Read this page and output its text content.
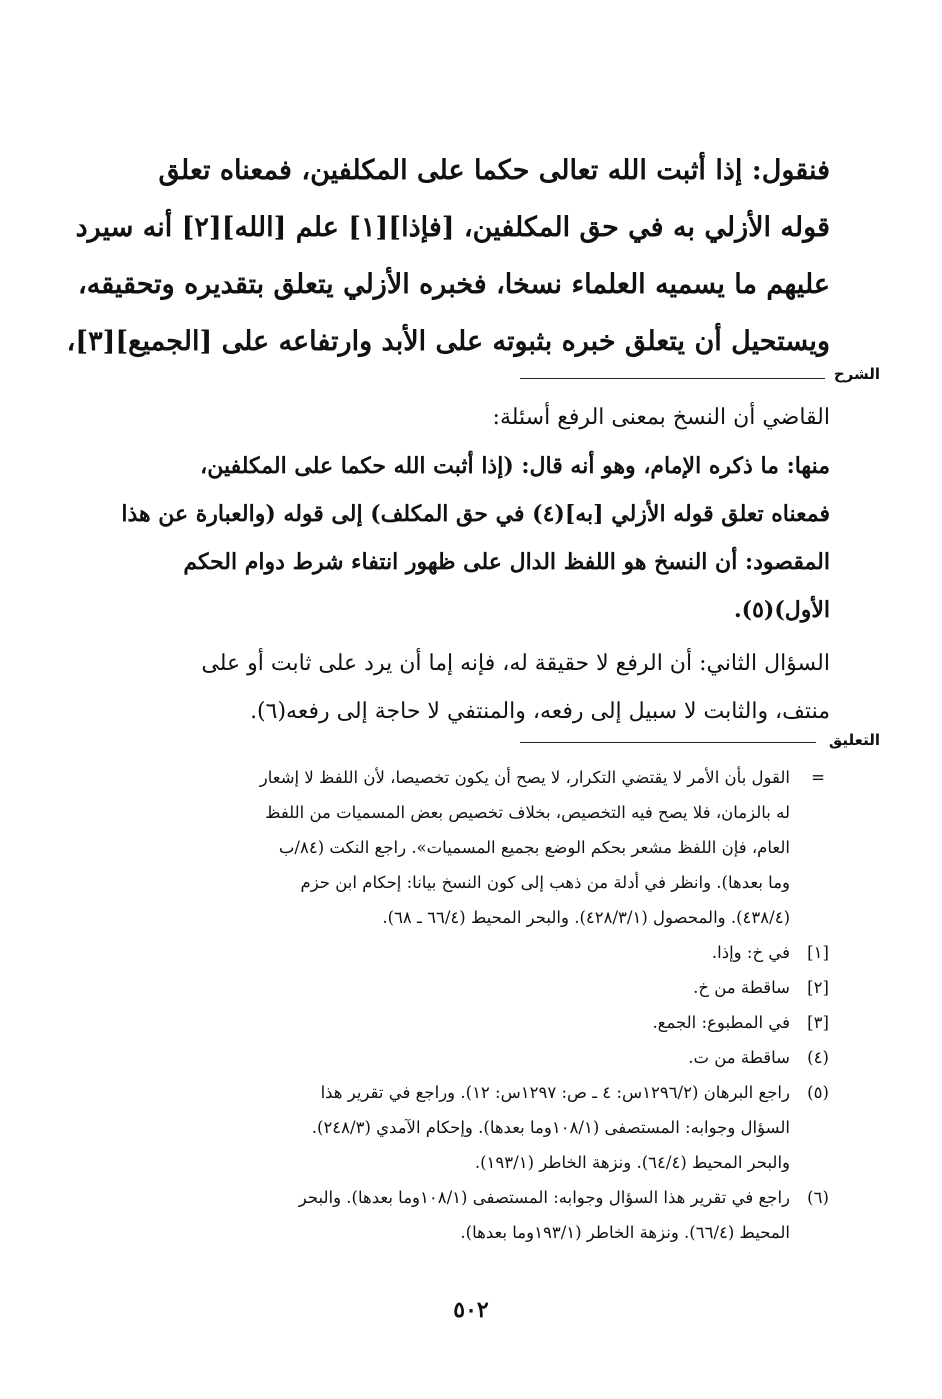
فنقول: إذا أثبت الله تعالى حكما على المكلفين، فمعناه تعلق
قوله الأزلي به في حق المكلفين، [فإذا][١] علم [الله][٢] أنه سيرد
عليهم ما يسميه العلماء نسخا، فخبره الأزلي يتعلق بتقديره وتحقيقه،
ويستحيل أن يتعلق خبره بثبوته على الأبد وارتفاعه على [الجميع][٣]،
الشرح
القاضي أن النسخ بمعنى الرفع أسئلة:
منها: ما ذكره الإمام، وهو أنه قال: (إذا أثبت الله حكما على المكلفين،
فمعناه تعلق قوله الأزلي [به](٤) في حق المكلف) إلى قوله (والعبارة عن هذا
المقصود: أن النسخ هو اللفظ الدال على ظهور انتفاء شرط دوام الحكم
الأول)(٥).
السؤال الثاني: أن الرفع لا حقيقة له، فإنه إما أن يرد على ثابت أو على
منتف، والثابت لا سبيل إلى رفعه، والمنتفي لا حاجة إلى رفعه(٦).
التعليق
=
القول بأن الأمر لا يقتضي التكرار، لا يصح أن يكون تخصيصا، لأن اللفظ لا إشعار
له بالزمان، فلا يصح فيه التخصيص، بخلاف تخصيص بعض المسميات من اللفظ
العام، فإن اللفظ مشعر بحكم الوضع بجميع المسميات». راجع النكت (٨٤/ب
وما بعدها). وانظر في أدلة من ذهب إلى كون النسخ بيانا: إحكام ابن حزم
(٤٣٨/٤). والمحصول (٤٢٨/٣/١). والبحر المحيط (٦٦/٤ ـ ٦٨).
[١]
في خ: وإذا.
[٢]
ساقطة من خ.
[٣]
في المطبوع: الجمع.
(٤)
ساقطة من ت.
(٥)
راجع البرهان (١٢٩٦/٢س: ٤ ـ ص: ١٢٩٧س: ١٢). وراجع في تقرير هذا
السؤال وجوابه: المستصفى (١٠٨/١وما بعدها). وإحكام الآمدي (٢٤٨/٣).
والبحر المحيط (٦٤/٤). ونزهة الخاطر (١٩٣/١).
(٦)
راجع في تقرير هذا السؤال وجوابه: المستصفى (١٠٨/١وما بعدها). والبحر
المحيط (٦٦/٤). ونزهة الخاطر (١٩٣/١وما بعدها).
٥٠٢
